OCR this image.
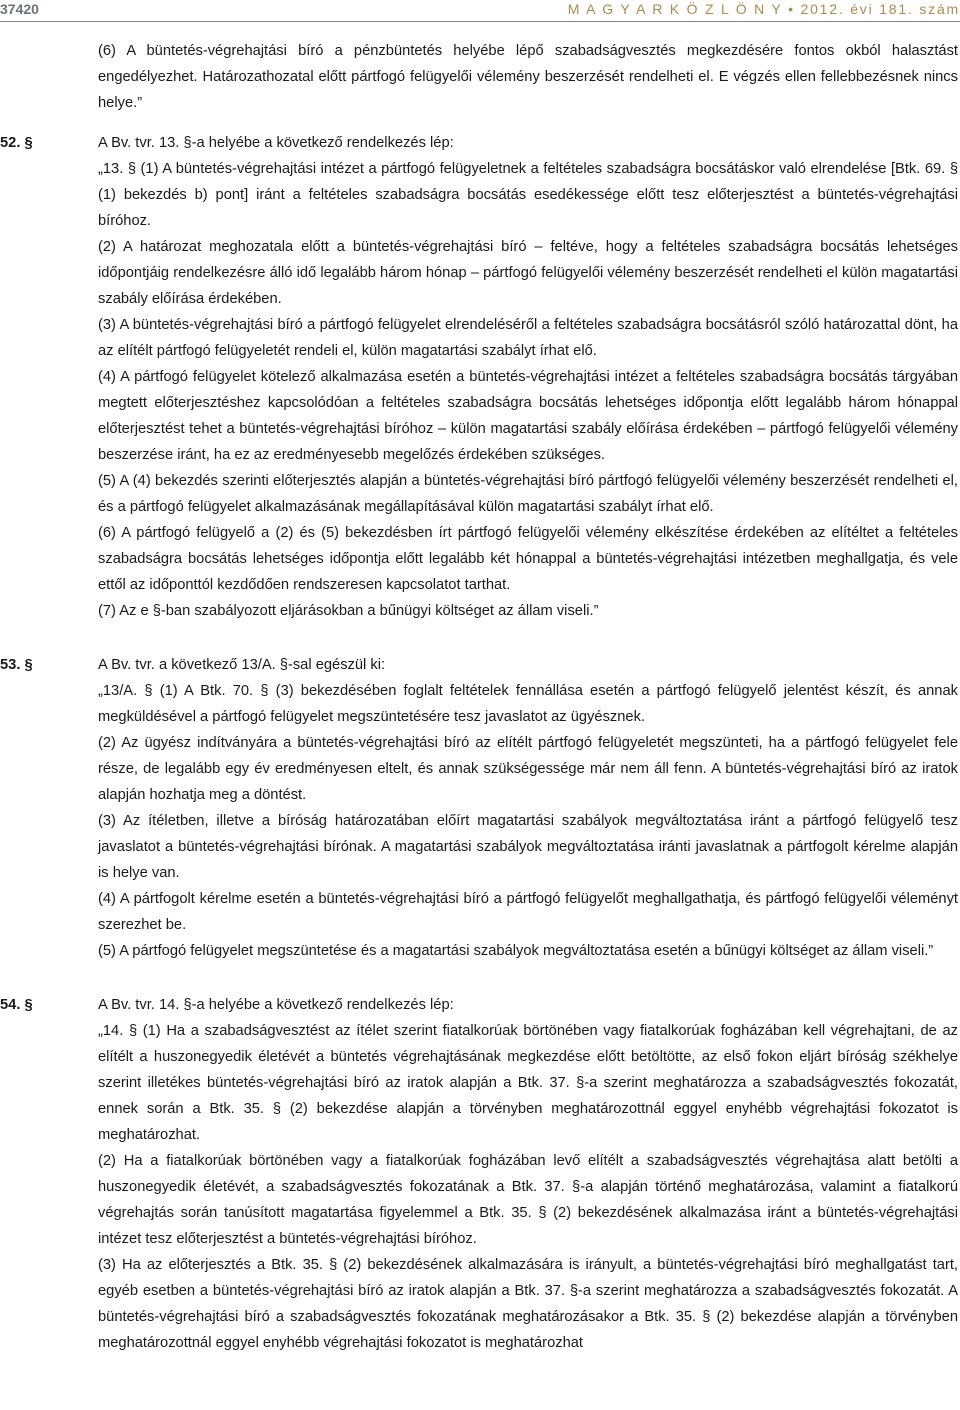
37420	M A G Y A R K Ö Z L Ö N Y • 2012. évi 181. szám

(6) A büntetés-végrehajtási bíró a pénzbüntetés helyébe lépő szabadságvesztés megkezdésére fontos okból halasztást engedélyezhet. Határozathozatal előtt pártfogó felügyelői vélemény beszerzését rendelheti el. E végzés ellen fellebbezésnek nincs helye.”

52. §	A Bv. tvr. 13. §-a helyébe a következő rendelkezés lép:

„13. § (1) A büntetés-végrehajtási intézet a pártfogó felügyeletnek a feltételes szabadságra bocsátáskor való elrendelése [Btk. 69. § (1) bekezdés b) pont] iránt a feltételes szabadságra bocsátás esedékessége előtt tesz előterjesztést a büntetés-végrehajtási bíróhoz.

(2) A határozat meghozatala előtt a büntetés-végrehajtási bíró – feltéve, hogy a feltételes szabadságra bocsátás lehetséges időpontjáig rendelkezésre álló idő legalább három hónap – pártfogó felügyelői vélemény beszerzését rendelheti el külön magatartási szabály előírása érdekében.

(3) A büntetés-végrehajtási bíró a pártfogó felügyelet elrendeléséről a feltételes szabadságra bocsátásról szóló határozattal dönt, ha az elítélt pártfogó felügyeletét rendeli el, külön magatartási szabályt írhat elő.

(4) A pártfogó felügyelet kötelező alkalmazása esetén a büntetés-végrehajtási intézet a feltételes szabadságra bocsátás tárgyában megtett előterjesztéshez kapcsolódóan a feltételes szabadságra bocsátás lehetséges időpontja előtt legalább három hónappal előterjesztést tehet a büntetés-végrehajtási bíróhoz – külön magatartási szabály előírása érdekében – pártfogó felügyelői vélemény beszerzése iránt, ha ez az eredményesebb megelőzés érdekében szükséges.

(5) A (4) bekezdés szerinti előterjesztés alapján a büntetés-végrehajtási bíró pártfogó felügyelői vélemény beszerzését rendelheti el, és a pártfogó felügyelet alkalmazásának megállapításával külön magatartási szabályt írhat elő.

(6) A pártfogó felügyelő a (2) és (5) bekezdésben írt pártfogó felügyelői vélemény elkészítése érdekében az elítéltet a feltételes szabadságra bocsátás lehetséges időpontja előtt legalább két hónappal a büntetés-végrehajtási intézetben meghallgatja, és vele ettől az időponttól kezdődően rendszeresen kapcsolatot tarthat.

(7) Az e §-ban szabályozott eljárásokban a bűnügyi költséget az állam viseli.”

53. §	A Bv. tvr. a következő 13/A. §-sal egészül ki:

„13/A. § (1) A Btk. 70. § (3) bekezdésében foglalt feltételek fennállása esetén a pártfogó felügyelő jelentést készít, és annak megküldésével a pártfogó felügyelet megszüntetésére tesz javaslatot az ügyésznek.

(2) Az ügyész indítványára a büntetés-végrehajtási bíró az elítélt pártfogó felügyeletét megszünteti, ha a pártfogó felügyelet fele része, de legalább egy év eredményesen eltelt, és annak szükségessége már nem áll fenn. A büntetés-végrehajtási bíró az iratok alapján hozhatja meg a döntést.

(3) Az ítéletben, illetve a bíróság határozatában előírt magatartási szabályok megváltoztatása iránt a pártfogó felügyelő tesz javaslatot a büntetés-végrehajtási bírónak. A magatartási szabályok megváltoztatása iránti javaslatnak a pártfogolt kérelme alapján is helye van.

(4) A pártfogolt kérelme esetén a büntetés-végrehajtási bíró a pártfogó felügyelőt meghallgathatja, és pártfogó felügyelői véleményt szerezhet be.

(5) A pártfogó felügyelet megszüntetése és a magatartási szabályok megváltoztatása esetén a bűnügyi költséget az állam viseli.”

54. §	A Bv. tvr. 14. §-a helyébe a következő rendelkezés lép:

„14. § (1) Ha a szabadságvesztést az ítélet szerint fiatalkorúak börtönében vagy fiatalkorúak fogházában kell végrehajtani, de az elítélt a huszonegyedik életévét a büntetés végrehajtásának megkezdése előtt betöltötte, az első fokon eljárt bíróság székhelye szerint illetékes büntetés-végrehajtási bíró az iratok alapján a Btk. 37. §-a szerint meghatározza a szabadságvesztés fokozatát, ennek során a Btk. 35. § (2) bekezdése alapján a törvényben meghatározottnál eggyel enyhébb végrehajtási fokozatot is meghatározhat.

(2) Ha a fiatalkorúak börtönében vagy a fiatalkorúak fogházában levő elítélt a szabadságvesztés végrehajtása alatt betölti a huszonegyedik életévét, a szabadságvesztés fokozatának a Btk. 37. §-a alapján történő meghatározása, valamint a fiatalkorú végrehajtás során tanúsított magatartása figyelemmel a Btk. 35. § (2) bekezdésének alkalmazása iránt a büntetés-végrehajtási intézet tesz előterjesztést a büntetés-végrehajtási bíróhoz.

(3) Ha az előterjesztés a Btk. 35. § (2) bekezdésének alkalmazására is irányult, a büntetés-végrehajtási bíró meghallgatást tart, egyéb esetben a büntetés-végrehajtási bíró az iratok alapján a Btk. 37. §-a szerint meghatározza a szabadságvesztés fokozatát. A büntetés-végrehajtási bíró a szabadságvesztés fokozatának meghatározásakor a Btk. 35. § (2) bekezdése alapján a törvényben meghatározottnál eggyel enyhébb végrehajtási fokozatot is meghatározhat
